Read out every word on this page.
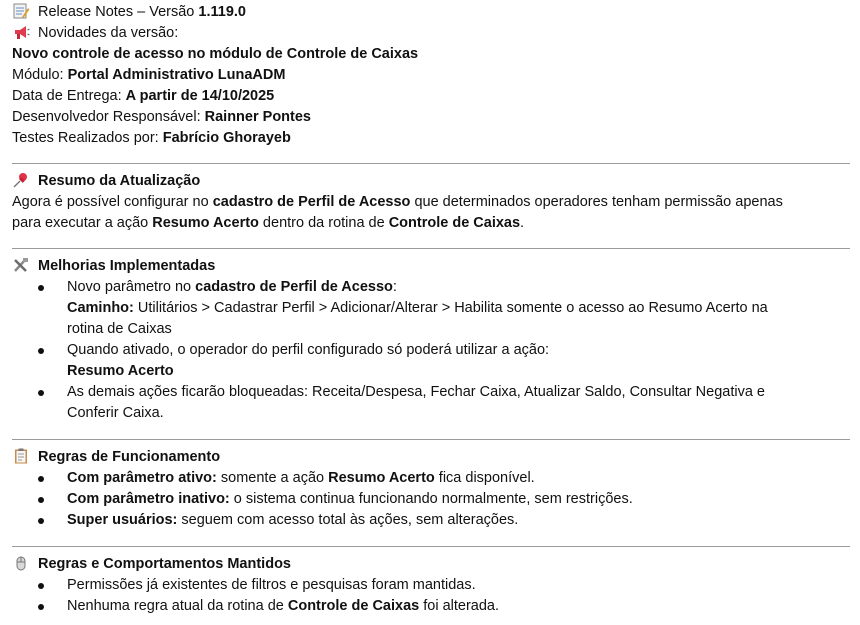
Release Notes – Versão 1.119.0
Novidades da versão:
Novo controle de acesso no módulo de Controle de Caixas
Módulo: Portal Administrativo LunaADM
Data de Entrega: A partir de 14/10/2025
Desenvolvedor Responsável: Rainner Pontes
Testes Realizados por: Fabrício Ghorayeb
Resumo da Atualização
Agora é possível configurar no cadastro de Perfil de Acesso que determinados operadores tenham permissão apenas
para executar a ação Resumo Acerto dentro da rotina de Controle de Caixas.
Melhorias Implementadas
Novo parâmetro no cadastro de Perfil de Acesso:
Caminho: Utilitários > Cadastrar Perfil > Adicionar/Alterar > Habilita somente o acesso ao Resumo Acerto na
rotina de Caixas
Quando ativado, o operador do perfil configurado só poderá utilizar a ação:
Resumo Acerto
As demais ações ficarão bloqueadas: Receita/Despesa, Fechar Caixa, Atualizar Saldo, Consultar Negativa e
Conferir Caixa.
Regras de Funcionamento
Com parâmetro ativo: somente a ação Resumo Acerto fica disponível.
Com parâmetro inativo: o sistema continua funcionando normalmente, sem restrições.
Super usuários: seguem com acesso total às ações, sem alterações.
Regras e Comportamentos Mantidos
Permissões já existentes de filtros e pesquisas foram mantidas.
Nenhuma regra atual da rotina de Controle de Caixas foi alterada.
